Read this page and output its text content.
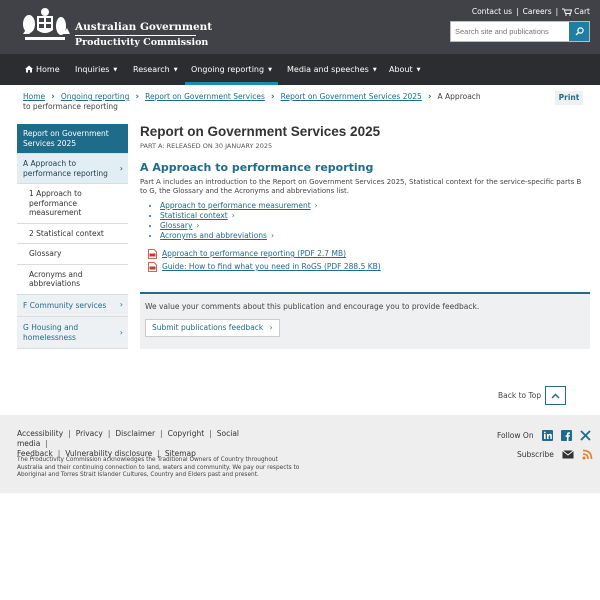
Australian Government
Productivity Commission
Contact us | Careers | Cart
Search site and publications
Home Inquiries ▼ Research ▼	Ongoing reporting ▼	Media and speeches ▼ About ▼
Home › Ongoing reporting › Report on Government Services › Report on Government Services 2025 › A Approach to performance reporting
Print
Report on Government Services 2025
A Approach to performance reporting
›
1 Approach to performance measurement
2 Statistical context
Glossary
Acronyms and abbreviations
F Community services ›
G Housing and homelessness
›
Report on Government Services 2025
PART A: RELEASED ON 30 JANUARY 2025
A Approach to performance reporting

Part A includes an introduction to the Report on Government Services 2025, Statistical context for the service-specific parts B to G, the Glossary and the Acronyms and abbreviations list.

• Approach to performance measurement ›
• Statistical context ›
• Glossary ›
• Acronyms and abbreviations ›
Approach to performance reporting (PDF 2.7 MB)
Guide: How to find what you need in RoGS (PDF 288.5 KB)
We value your comments about this publication and encourage you to provide feedback.
Submit publications feedback ›
Back to Top
Accessibility | Privacy | Disclaimer | Copyright | Social media |
Feedback | Vulnerability disclosure | Sitemap

The Productivity Commission acknowledges the Traditional Owners of Country throughout Australia and their continuing connection to land, waters and community. We pay our respects to Aboriginal and Torres Strait Islander Cultures, Country and Elders past and present.

Follow On
Subscribe
